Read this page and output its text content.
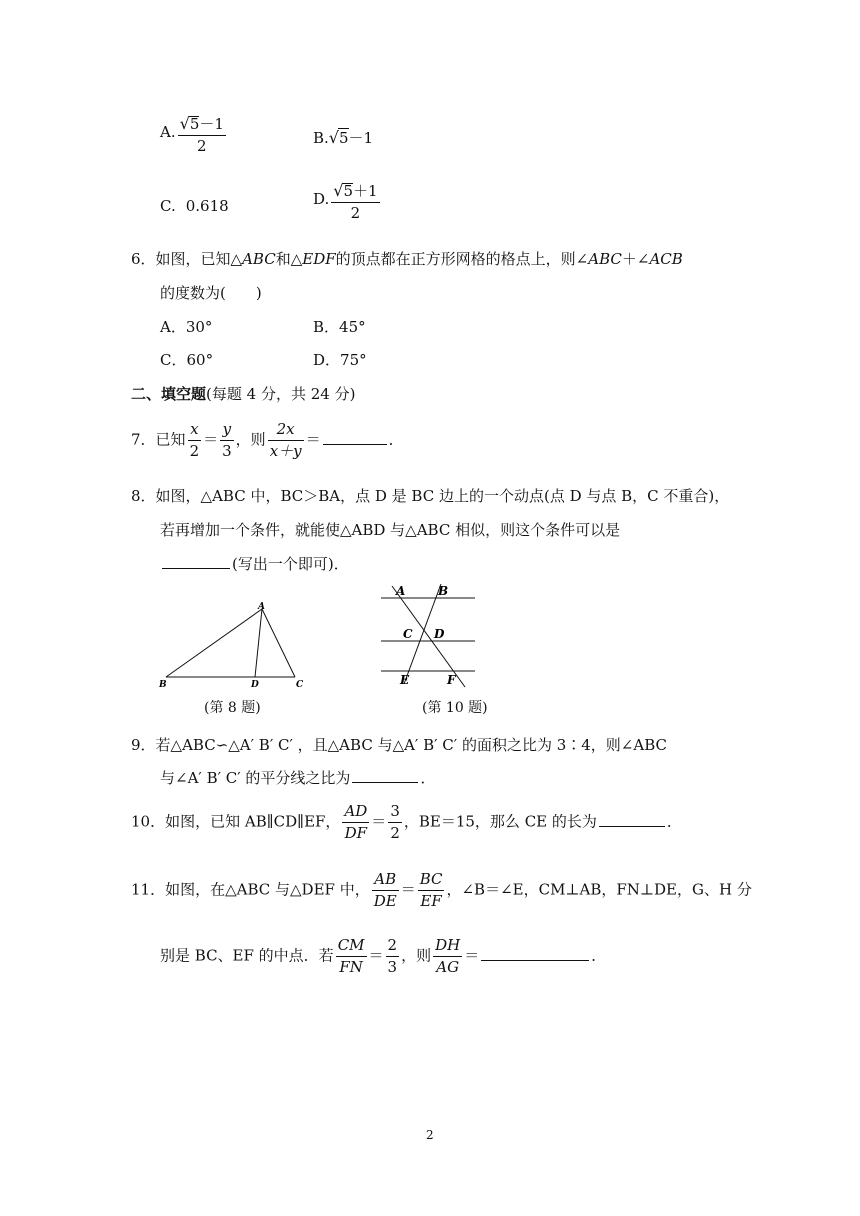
A. $\frac{√5-1}{2}$	B.√5－1
C. 0.618	D. $\frac{√5+1}{2}$
6．如图，已知△ABC和△EDF的顶点都在正方形网格的格点上，则∠ABC＋∠ACB
的度数为(　　)
A．30°	B．45°
C．60°	D．75°
二、填空题(每题 4 分，共 24 分)
7．已知 $\frac{x}{2} = \frac{y}{3}$ ，则 $\frac{2x}{x+y}$ ＝	．
8．如图，△ABC 中，BC＞BA，点 D 是 BC 边上的一个动点(点 D 与点 B，C 不重合)，
若再增加一个条件，就能使△ABD 与△ABC 相似，则这个条件可以是
(写出一个即可)．
A
B	D	C
(第 8 题)
A	B
C D
E	F
(第 10 题)
9．若△ABC∽△A′ B′ C′ ，且△ABC 与△A′ B′ C′ 的面积之比为 3∶4，则∠ABC
与∠A′ B′ C′ 的平分线之比为	．
10．如图，已知 AB∥CD∥EF， $\frac{AD}{DF} = \frac{3}{2}$ ，BE＝15，那么 CE 的长为	．
11．如图，在△ABC 与△DEF 中， $\frac{AB}{DE} = \frac{BC}{EF}$ ，∠B＝∠E，CM⊥AB，FN⊥DE，G、H 分
别是 BC、EF 的中点．若 $\frac{CM}{FN} = \frac{2}{3}$ ，则 $\frac{DH}{AG}$ ＝	．
2
